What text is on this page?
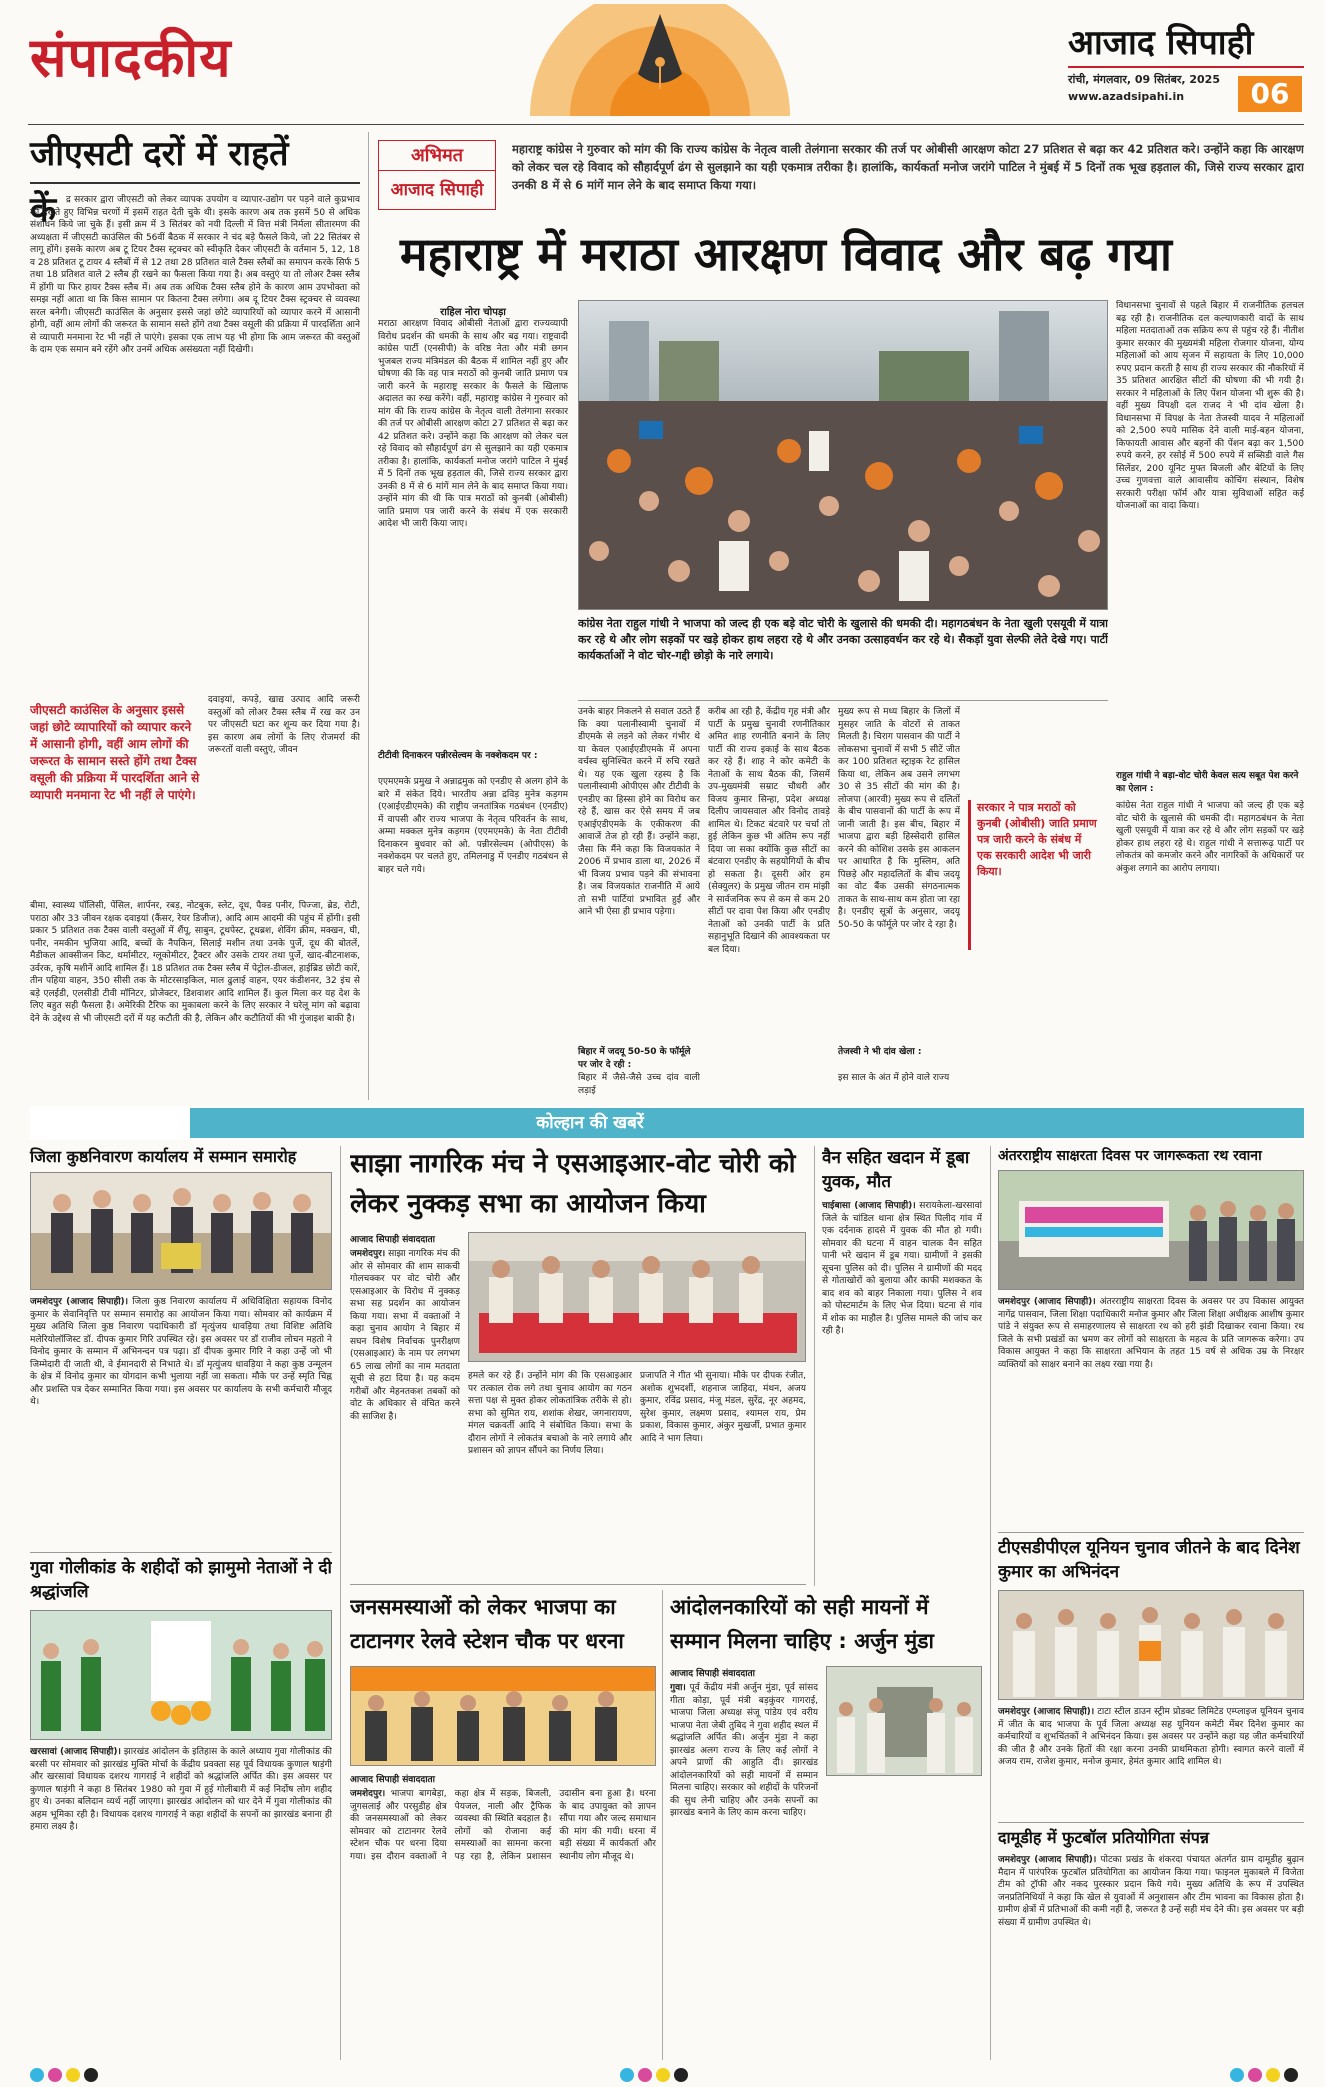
संपादकीय	आजाद सिपाही
रांची, मंगलवार, 09 सितंबर, 2025
www.azadsipahi.in	06
जीएसटी दरों में राहतें
कें	द्र सरकार द्वारा जीएसटी को लेकर व्यापक उपयोग व व्यापार-उद्योग पर पड़ने वाले कुप्रभाव को देखते हुए विभिन्न चरणों में इसमें राहत देती चुके थी। इसके कारण अब तक इसमें 50 से अधिक संशोधन किये जा चुके हैं। इसी क्रम में 3 सितंबर को नयी दिल्ली में वित्त मंत्री निर्मला सीतारमण की अध्यक्षता में जीएसटी काउंसिल की 56वीं बैठक में सरकार ने चंद बड़े फैसले किये, जो 22 सितंबर से लागू होंगे। इसके कारण अब टू टियर टैक्स स्ट्रक्चर को स्वीकृति देकर जीएसटी के वर्तमान 5, 12, 18 व 28 प्रतिशत टू टायर 4 स्लैबों में से 12 तथा 28 प्रतिशत वाले टैक्स स्लैबों का समापन करके सिर्फ 5 तथा 18 प्रतिशत वाले 2 स्लैब ही रखने का फैसला किया गया है। अब वस्तुएं या तो लोअर टैक्स स्लैब में होंगी या फिर हायर टैक्स स्लैब में। अब तक अधिक टैक्स स्लैब होने के कारण आम उपभोक्ता को समझ नहीं आता था कि किस सामान पर कितना टैक्स लगेगा। अब दू टियर टैक्स स्ट्रक्चर से व्यवस्था सरल बनेगी। जीएसटी काउंसिल के अनुसार इससे जहां छोटे व्यापारियों को व्यापार करने में आसानी होगी, वहीं आम लोगों की जरूरत के सामान सस्ते होंगे तथा टैक्स वसूली की प्रक्रिया में पारदर्शिता आने से व्यापारी मनमाना रेट भी नहीं ले पाएंगे। इसका एक लाभ यह भी होगा कि आम जरूरत की वस्तुओं के दाम एक समान बने रहेंगे और उनमें अधिक असंख्यता नहीं दिखेगी।
जीएसटी काउंसिल के अनुसार इससे जहां छोटे व्यापारियों को व्यापार करने में आसानी होगी, वहीं आम लोगों की जरूरत के सामान सस्ते होंगे तथा टैक्स वसूली की प्रक्रिया में पारदर्शिता आने से व्यापारी मनमाना रेट भी नहीं ले पाएंगे।
दवाइयां, कपड़े, खाद्य उत्पाद आदि जरूरी वस्तुओं को लोअर टैक्स स्लैब में रख कर उन पर जीएसटी घटा कर शून्य कर दिया गया है। इस कारण अब लोगों के लिए रोजमर्रा की जरूरतों वाली वस्तुएं, जीवन
बीमा, स्वास्थ्य पॉलिसी, पेंसिल, शार्पनर, रबड़, नोटबुक, स्लेट, दूध, पैक्ड पनीर, पिज्जा, ब्रेड, रोटी, पराठा और 33 जीवन रक्षक दवाइयां (कैंसर, रेयर डिजीज), आदि आम आदमी की पहुंच में होंगी। इसी प्रकार 5 प्रतिशत तक टैक्स वाली वस्तुओं में शैंपू, साबुन, टूथपेस्ट, टूथब्रश, शेविंग क्रीम, मक्खन, घी, पनीर, नमकीन भुजिया आदि, बच्चों के नैपकिन, सिलाई मशीन तथा उनके पुर्जे, दूध की बोतलें, मैडीकल आक्सीजन किट, थर्मामीटर, ग्लूकोमीटर, ट्रैक्टर और उसके टायर तथा पुर्जे, खाद-बीटनाशक, उर्वरक, कृषि मशीनें आदि शामिल हैं। 18 प्रतिशत तक टैक्स स्लैब में पेट्रोल-डीजल, हाईब्रिड छोटी कारें, तीन पहिया वाहन, 350 सीसी तक के मोटरसाइकिल, माल ढुलाई वाहन, एयर कंडीशनर, 32 इंच से बड़े एलईडी, एलसीडी टीवी मॉनिटर, प्रोजेक्टर, डिशवाशर आदि शामिल हैं। कुल मिला कर यह देश के लिए बहुत सही फैसला है। अमेरिकी टैरिफ का मुकाबला करने के लिए सरकार ने घरेलू मांग को बढ़ावा देने के उद्देश्य से भी जीएसटी दरों में यह कटौती की है, लेकिन और कटौतियों की भी गुंजाइश बाकी है।
अभिमत
आजाद सिपाही
महाराष्ट्र कांग्रेस ने गुरुवार को मांग की कि राज्य कांग्रेस के नेतृत्व वाली तेलंगाना सरकार की तर्ज पर ओबीसी आरक्षण कोटा 27 प्रतिशत से बढ़ा कर 42 प्रतिशत करे। उन्होंने कहा कि आरक्षण को लेकर चल रहे विवाद को सौहार्दपूर्ण ढंग से सुलझाने का यही एकमात्र तरीका है। हालांकि, कार्यकर्ता मनोज जरांगे पाटिल ने मुंबई में 5 दिनों तक भूख हड़ताल की, जिसे राज्य सरकार द्वारा उनकी 8 में से 6 मांगें मान लेने के बाद समाप्त किया गया।
महाराष्ट्र में मराठा आरक्षण विवाद और बढ़ गया
राहिल नोरा चोपड़ा
मराठा आरक्षण विवाद ओबीसी नेताओं द्वारा राज्यव्यापी विरोध प्रदर्शन की धमकी के साथ और बढ़ गया। राष्ट्रवादी कांग्रेस पार्टी (एनसीपी) के वरिष्ठ नेता और मंत्री छगन भुजबल राज्य मंत्रिमंडल की बैठक में शामिल नहीं हुए और घोषणा की कि वह पात्र मराठों को कुनबी जाति प्रमाण पत्र जारी करने के महाराष्ट्र सरकार के फैसले के खिलाफ अदालत का रुख करेंगे। वहीं, महाराष्ट्र कांग्रेस ने गुरुवार को मांग की कि राज्य कांग्रेस के नेतृत्व वाली तेलंगाना सरकार की तर्ज पर ओबीसी आरक्षण कोटा 27 प्रतिशत से बढ़ा कर 42 प्रतिशत करे। उन्होंने कहा कि आरक्षण को लेकर चल रहे विवाद को सौहार्दपूर्ण ढंग से सुलझाने का यही एकमात्र तरीका है। हालांकि, कार्यकर्ता मनोज जरांगे पाटिल ने मुंबई में 5 दिनों तक भूख हड़ताल की, जिसे राज्य सरकार द्वारा उनकी 8 में से 6 मांगें मान लेने के बाद समाप्त किया गया। उन्होंने मांग की थी कि पात्र मराठों को कुनबी (ओबीसी) जाति प्रमाण पत्र जारी करने के संबंध में एक सरकारी आदेश भी जारी किया जाए।
टीटीवी दिनाकरन पन्नीरसेल्वम के नक्शेकदम पर :
एएमएमके प्रमुख ने अन्नाद्रमुक को एनडीए से अलग होने के बारे में संकेत दिये। भारतीय अन्ना द्रविड़ मुनेत्र कड़गम (एआईएडीएमके) की राष्ट्रीय जनतांत्रिक गठबंधन (एनडीए) में वापसी और राज्य भाजपा के नेतृत्व परिवर्तन के साथ, अम्मा मक्कल मुनेत्र कड़गम (एएमएमके) के नेता टीटीवी दिनाकरन बुधवार को ओ. पन्नीरसेल्वम (ओपीएस) के नक्शेकदम पर चलते हुए, तमिलनाडु में एनडीए गठबंधन से बाहर चले गये।
कांग्रेस नेता राहुल गांधी ने भाजपा को जल्द ही एक बड़े वोट चोरी के खुलासे की धमकी दी। महागठबंधन के नेता खुली एसयूवी में यात्रा कर रहे थे और लोग सड़कों पर खड़े होकर हाथ लहरा रहे थे और उनका उत्साहवर्धन कर रहे थे। सैकड़ों युवा सेल्फी लेते देखे गए। पार्टी कार्यकर्ताओं ने वोट चोर-गद्दी छोड़ो के नारे लगाये।
उनके बाहर निकलने से सवाल उठते हैं कि क्या पलानीस्वामी चुनावों में डीएमके से लड़ने को लेकर गंभीर थे या केवल एआईएडीएमके में अपना वर्चस्व सुनिश्चित करने में रुचि रखते थे। यह एक खुला रहस्य है कि पलानीस्वामी ओपीएस और टीटीवी के एनडीए का हिस्सा होने का विरोध कर रहे हैं, खास कर ऐसे समय में जब एआईएडीएमके के एकीकरण की आवाजें तेज हो रही हैं। उन्होंने कहा, जैसा कि मैंने कहा कि विजयकांत ने 2006 में प्रभाव डाला था, 2026 में भी विजय प्रभाव पड़ने की संभावना है। जब विजयकांत राजनीति में आये तो सभी पार्टियां प्रभावित हुईं और आने भी ऐसा ही प्रभाव पड़ेगा।
बिहार में जदयू 50-50 के फॉर्मूले पर जोर दे रही :
बिहार में जैसे-जैसे उच्च दांव वाली लड़ाई
करीब आ रही है, केंद्रीय गृह मंत्री और पार्टी के प्रमुख चुनावी रणनीतिकार अमित शाह रणनीति बनाने के लिए पार्टी की राज्य इकाई के साथ बैठक कर रहे हैं। शाह ने कोर कमेटी के नेताओं के साथ बैठक की, जिसमें उप-मुख्यमंत्री सम्राट चौधरी और विजय कुमार सिन्हा, प्रदेश अध्यक्ष दिलीप जायसवाल और विनोद तावड़े शामिल थे। टिकट बंटवारे पर चर्चा तो हुई लेकिन कुछ भी अंतिम रूप नहीं दिया जा सका क्योंकि कुछ सीटों का बंटवारा एनडीए के सहयोगियों के बीच हो सकता है। दूसरी ओर हम (सेक्युलर) के प्रमुख जीतन राम मांझी ने सार्वजनिक रूप से कम से कम 20 सीटों पर दावा पेश किया और एनडीए नेताओं को उनकी पार्टी के प्रति सहानुभूति दिखाने की आवश्यकता पर बल दिया।
मुख्य रूप से मध्य बिहार के जिलों में मुसहर जाति के वोटरों से ताकत मिलती है। चिराग पासवान की पार्टी ने लोकसभा चुनावों में सभी 5 सीटें जीत कर 100 प्रतिशत स्ट्राइक रेट हासिल किया था, लेकिन अब उसने लगभग 30 से 35 सीटों की मांग की है। लोजपा (आरवी) मुख्य रूप से दलितों के बीच पासवानों की पार्टी के रूप में जानी जाती है। इस बीच, बिहार में भाजपा द्वारा बड़ी हिस्सेदारी हासिल करने की कोशिश उसके इस आकलन पर आधारित है कि मुस्लिम, अति पिछड़े और महादलितों के बीच जदयू का वोट बैंक उसकी संगठनात्मक ताकत के साथ-साथ कम होता जा रहा है। एनडीए सूत्रों के अनुसार, जदयू 50-50 के फॉर्मूले पर जोर दे रहा है।
तेजस्वी ने भी दांव खेला :
इस साल के अंत में होने वाले राज्य
सरकार ने पात्र मराठों को कुनबी (ओबीसी) जाति प्रमाण पत्र जारी करने के संबंध में एक सरकारी आदेश भी जारी किया।
विधानसभा चुनावों से पहले बिहार में राजनीतिक हलचल बढ़ रही है। राजनीतिक दल कल्याणकारी वादों के साथ महिला मतदाताओं तक सक्रिय रूप से पहुंच रहे हैं। नीतीश कुमार सरकार की मुख्यमंत्री महिला रोजगार योजना, योग्य महिलाओं को आय सृजन में सहायता के लिए 10,000 रुपए प्रदान करती है साथ ही राज्य सरकार की नौकरियों में 35 प्रतिशत आरक्षित सीटों की घोषणा की भी गयी है। सरकार ने महिलाओं के लिए पेंशन योजना भी शुरू की है। वहीं मुख्य विपक्षी दल राजद ने भी दांव खेला है। विधानसभा में विपक्ष के नेता तेजस्वी यादव ने महिलाओं को 2,500 रुपये मासिक देने वाली माई-बहन योजना, किफायती आवास और बहनों की पेंशन बढ़ा कर 1,500 रुपये करने, हर रसोई में 500 रुपये में सब्सिडी वाले गैस सिलेंडर, 200 यूनिट मुफ्त बिजली और बेटियों के लिए उच्च गुणवत्ता वाले आवासीय कोचिंग संस्थान, विशेष सरकारी परीक्षा फॉर्म और यात्रा सुविधाओं सहित कई योजनाओं का वादा किया।
राहुल गांधी ने बड़ा-वोट चोरी केवल सत्य सबूत पेश करने का ऐलान :
कांग्रेस नेता राहुल गांधी ने भाजपा को जल्द ही एक बड़े वोट चोरी के खुलासे की धमकी दी। महागठबंधन के नेता खुली एसयूवी में यात्रा कर रहे थे और लोग सड़कों पर खड़े होकर हाथ लहरा रहे थे। राहुल गांधी ने सत्तारूढ़ पार्टी पर लोकतंत्र को कमजोर करने और नागरिकों के अधिकारों पर अंकुश लगाने का आरोप लगाया।
कोल्हान की खबरें
जिला कुष्ठनिवारण कार्यालय में सम्मान समारोह
जमशेदपुर (आजाद सिपाही)। जिला कुष्ठ निवारण कार्यालय में अधिविक्षिता सहायक विनोद कुमार के सेवानिवृत्ति पर सम्मान समारोह का आयोजन किया गया। सोमवार को कार्यक्रम में मुख्य अतिथि जिला कुष्ठ निवारण पदाधिकारी डॉ मृत्युंजय धावड़िया तथा विशिष्ट अतिथि मलेरियोलॉजिस्ट डॉ. दीपक कुमार गिरि उपस्थित रहे। इस अवसर पर डॉ राजीव लोचन महतो ने विनोद कुमार के सम्मान में अभिनन्दन पत्र पढ़ा। डॉ दीपक कुमार गिरि ने कहा उन्हें जो भी जिम्मेदारी दी जाती थी, वे ईमानदारी से निभाते थे। डॉ मृत्युंजय धावड़िया ने कहा कुष्ठ उन्मूलन के क्षेत्र में विनोद कुमार का योगदान कभी भुलाया नहीं जा सकता। मौके पर उन्हें स्मृति चिह्न और प्रशस्ति पत्र देकर सम्मानित किया गया। इस अवसर पर कार्यालय के सभी कर्मचारी मौजूद थे।
गुवा गोलीकांड के शहीदों को झामुमो नेताओं ने दी श्रद्धांजलि
खरसावां (आजाद सिपाही)। झारखंड आंदोलन के इतिहास के काले अध्याय गुवा गोलीकांड की बरसी पर सोमवार को झारखंड मुक्ति मोर्चा के केंद्रीय प्रवक्ता सह पूर्व विधायक कुणाल षाड़ंगी और खरसावां विधायक दशरथ गागराई ने शहीदों को श्रद्धांजलि अर्पित की। इस अवसर पर कुणाल षाड़ंगी ने कहा 8 सितंबर 1980 को गुवा में हुई गोलीबारी में कई निर्दोष लोग शहीद हुए थे। उनका बलिदान व्यर्थ नहीं जाएगा। झारखंड आंदोलन को धार देने में गुवा गोलीकांड की अहम भूमिका रही है। विधायक दशरथ गागराई ने कहा शहीदों के सपनों का झारखंड बनाना ही हमारा लक्ष्य है।
साझा नागरिक मंच ने एसआइआर-वोट चोरी को लेकर नुक्कड़ सभा का आयोजन किया
आजाद सिपाही संवाददाता
जमशेदपुर। साझा नागरिक मंच की ओर से सोमवार की शाम साकची गोलचक्कर पर वोट चोरी और एसआइआर के विरोध में नुक्कड़ सभा सह प्रदर्शन का आयोजन किया गया। सभा में वक्ताओं ने कहा चुनाव आयोग ने बिहार में सघन विशेष निर्वाचक पुनरीक्षण (एसआइआर) के नाम पर लगभग 65 लाख लोगों का नाम मतदाता सूची से हटा दिया है। यह कदम गरीबों और मेहनतकश तबकों को वोट के अधिकार से वंचित करने की साजिश है।
हमले कर रहे हैं। उन्होंने मांग की कि एसआइआर पर तत्काल रोक लगे तथा चुनाव आयोग का गठन सत्ता पक्ष से मुक्त होकर लोकतांत्रिक तरीके से हो। सभा को सुमित राय, शशांक शेखर, जगनारायण, मंगल चक्रवर्ती आदि ने संबोधित किया। सभा के दौरान लोगों ने लोकतंत्र बचाओ के नारे लगाये और प्रशासन को ज्ञापन सौंपने का निर्णय लिया।
प्रजापति ने गीत भी सुनाया। मौके पर दीपक रंजीत, अशोक शुभदर्शी, शहनाज जाहिदा, मंथन, अजय कुमार, रविंद्र प्रसाद, मंजू मंडल, सुरेंद्र, नूर अहमद, सुरेश कुमार, लक्ष्मण प्रसाद, श्यामल राय, प्रेम प्रकाश, विकास कुमार, अंकुर मुखर्जी, प्रभात कुमार आदि ने भाग लिया।
वैन सहित खदान में डूबा युवक, मौत
चाईबासा (आजाद सिपाही)। सरायकेला-खरसावां जिले के चांडिल थाना क्षेत्र स्थित पिलीद गांव में एक दर्दनाक हादसे में युवक की मौत हो गयी। सोमवार की घटना में वाहन चालक वैन सहित पानी भरे खदान में डूब गया। ग्रामीणों ने इसकी सूचना पुलिस को दी। पुलिस ने ग्रामीणों की मदद से गोताखोरों को बुलाया और काफी मशक्कत के बाद शव को बाहर निकाला गया। पुलिस ने शव को पोस्टमार्टम के लिए भेज दिया। घटना से गांव में शोक का माहौल है। पुलिस मामले की जांच कर रही है।
जनसमस्याओं को लेकर भाजपा का टाटानगर रेलवे स्टेशन चौक पर धरना
आजाद सिपाही संवाददाता
जमशेदपुर। भाजपा बागबेड़ा, जुगसलाई और परसुडीह क्षेत्र की जनसमस्याओं को लेकर सोमवार को टाटानगर रेलवे स्टेशन चौक पर धरना दिया गया। इस दौरान वक्ताओं ने कहा क्षेत्र में सड़क, बिजली, पेयजल, नाली और ट्रैफिक व्यवस्था की स्थिति बदहाल है। लोगों को रोजाना कई समस्याओं का सामना करना पड़ रहा है, लेकिन प्रशासन उदासीन बना हुआ है। धरना के बाद उपायुक्त को ज्ञापन सौंपा गया और जल्द समाधान की मांग की गयी। धरना में बड़ी संख्या में कार्यकर्ता और स्थानीय लोग मौजूद थे।
आंदोलनकारियों को सही मायनों में सम्मान मिलना चाहिए : अर्जुन मुंडा
आजाद सिपाही संवाददाता
गुवा। पूर्व केंद्रीय मंत्री अर्जुन मुंडा, पूर्व सांसद गीता कोड़ा, पूर्व मंत्री बड़कुंवर गागराई, भाजपा जिला अध्यक्ष संजू पांडेय एवं वरीय भाजपा नेता जेबी तुबिद ने गुवा शहीद स्थल में श्रद्धांजलि अर्पित की। अर्जुन मुंडा ने कहा झारखंड अलग राज्य के लिए कई लोगों ने अपने प्राणों की आहुति दी। झारखंड आंदोलनकारियों को सही मायनों में सम्मान मिलना चाहिए। सरकार को शहीदों के परिजनों की सुध लेनी चाहिए और उनके सपनों का झारखंड बनाने के लिए काम करना चाहिए।
अंतरराष्ट्रीय साक्षरता दिवस पर जागरूकता रथ रवाना
जमशेदपुर (आजाद सिपाही)। अंतरराष्ट्रीय साक्षरता दिवस के अवसर पर उप विकास आयुक्त नागेंद्र पासवान, जिला शिक्षा पदाधिकारी मनोज कुमार और जिला शिक्षा अधीक्षक आशीष कुमार पांडे ने संयुक्त रूप से समाहरणालय से साक्षरता रथ को हरी झंडी दिखाकर रवाना किया। रथ जिले के सभी प्रखंडों का भ्रमण कर लोगों को साक्षरता के महत्व के प्रति जागरूक करेगा। उप विकास आयुक्त ने कहा कि साक्षरता अभियान के तहत 15 वर्ष से अधिक उम्र के निरक्षर व्यक्तियों को साक्षर बनाने का लक्ष्य रखा गया है।
टीएसडीपीएल यूनियन चुनाव जीतने के बाद दिनेश कुमार का अभिनंदन
जमशेदपुर (आजाद सिपाही)। टाटा स्टील डाउन स्ट्रीम प्रोडक्ट लिमिटेड एम्प्लाइज यूनियन चुनाव में जीत के बाद भाजपा के पूर्व जिला अध्यक्ष सह यूनियन कमेटी मेंबर दिनेश कुमार का कर्मचारियों व शुभचिंतकों ने अभिनंदन किया। इस अवसर पर उन्होंने कहा यह जीत कर्मचारियों की जीत है और उनके हितों की रक्षा करना उनकी प्राथमिकता होगी। स्वागत करने वालों में अजय राम, राजेश कुमार, मनोज कुमार, हेमंत कुमार आदि शामिल थे।
दामूडीह में फुटबॉल प्रतियोगिता संपन्न
जमशेदपुर (आजाद सिपाही)। पोटका प्रखंड के शंकरदा पंचायत अंतर्गत ग्राम दामूडीह बुढ़ान मैदान में पारंपरिक फुटबॉल प्रतियोगिता का आयोजन किया गया। फाइनल मुकाबले में विजेता टीम को ट्रॉफी और नकद पुरस्कार प्रदान किये गये। मुख्य अतिथि के रूप में उपस्थित जनप्रतिनिधियों ने कहा कि खेल से युवाओं में अनुशासन और टीम भावना का विकास होता है। ग्रामीण क्षेत्रों में प्रतिभाओं की कमी नहीं है, जरूरत है उन्हें सही मंच देने की। इस अवसर पर बड़ी संख्या में ग्रामीण उपस्थित थे।
